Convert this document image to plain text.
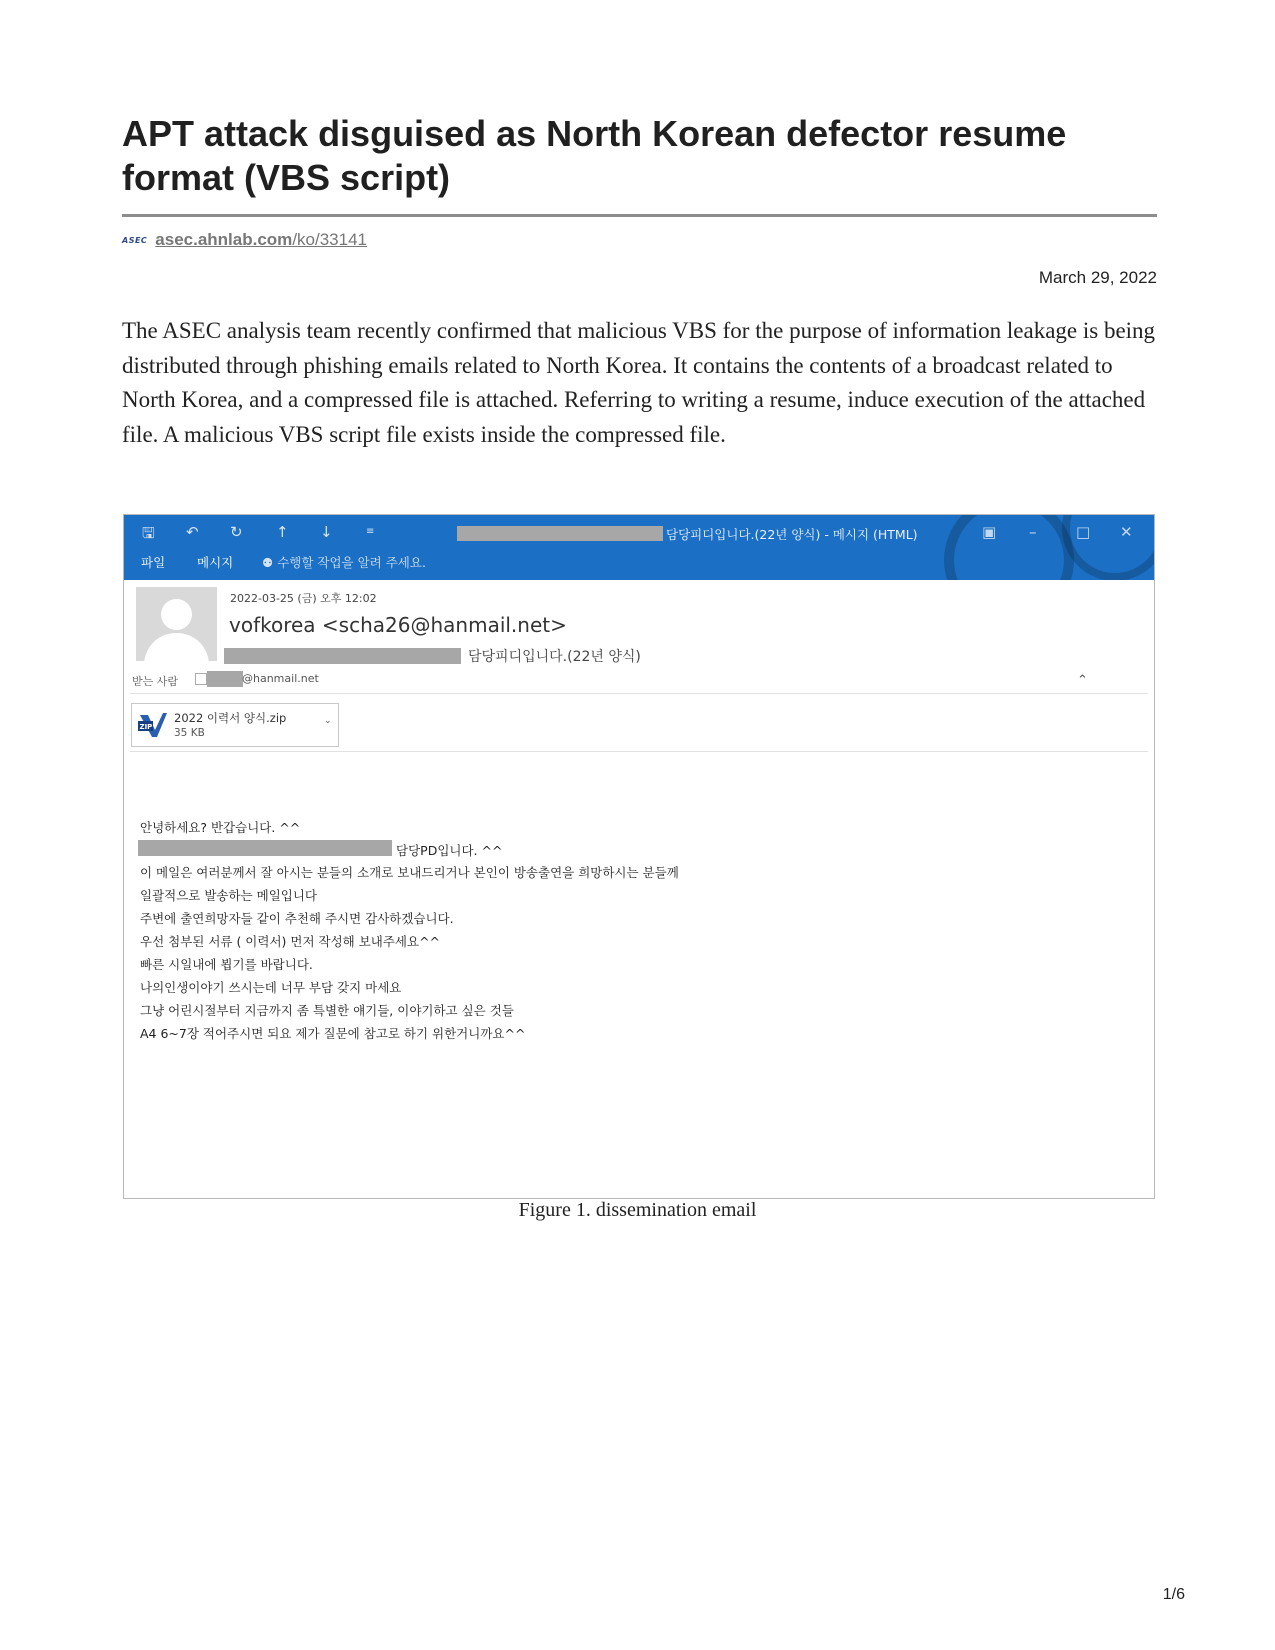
APT attack disguised as North Korean defector resume format (VBS script)
ASEC asec.ahnlab.com/ko/33141
March 29, 2022

The ASEC analysis team recently confirmed that malicious VBS for the purpose of information leakage is being distributed through phishing emails related to North Korea. It contains the contents of a broadcast related to North Korea, and a compressed file is attached. Referring to writing a resume, induce execution of the attached file. A malicious VBS script file exists inside the compressed file.

🖫 ↶ ↻ ↑ ↓	≡	담당피디입니다.(22년 양식) - 메시지 (HTML)	▣ –	□ ✕
파일	메시지 ⚉ 수행할 작업을 알려 주세요.
2022-03-25 (금) 오후 12:02
vofkorea <scha26@hanmail.net>
담당피디입니다.(22년 양식)
받는 사람	@hanmail.net	⌃
ZIP
2022 이력서 양식.zip
35 KB
⌄
안녕하세요? 반갑습니다. ^^
담당PD입니다. ^^
이 메일은 여러분께서 잘 아시는 분들의 소개로 보내드리거나 본인이 방송출연을 희망하시는 분들께
일괄적으로 발송하는 메일입니다
주변에 출연희망자들 같이 추천해 주시면 감사하겠습니다.
우선 첨부된 서류 ( 이력서) 먼저 작성해 보내주세요^^
빠른 시일내에 뵙기를 바랍니다.
나의인생이야기 쓰시는데 너무 부담 갖지 마세요
그냥 어린시절부터 지금까지 좀 특별한 얘기들, 이야기하고 싶은 것들
A4 6~7장 적어주시면 되요 제가 질문에 참고로 하기 위한거니까요^^
Figure 1. dissemination email
1/6
